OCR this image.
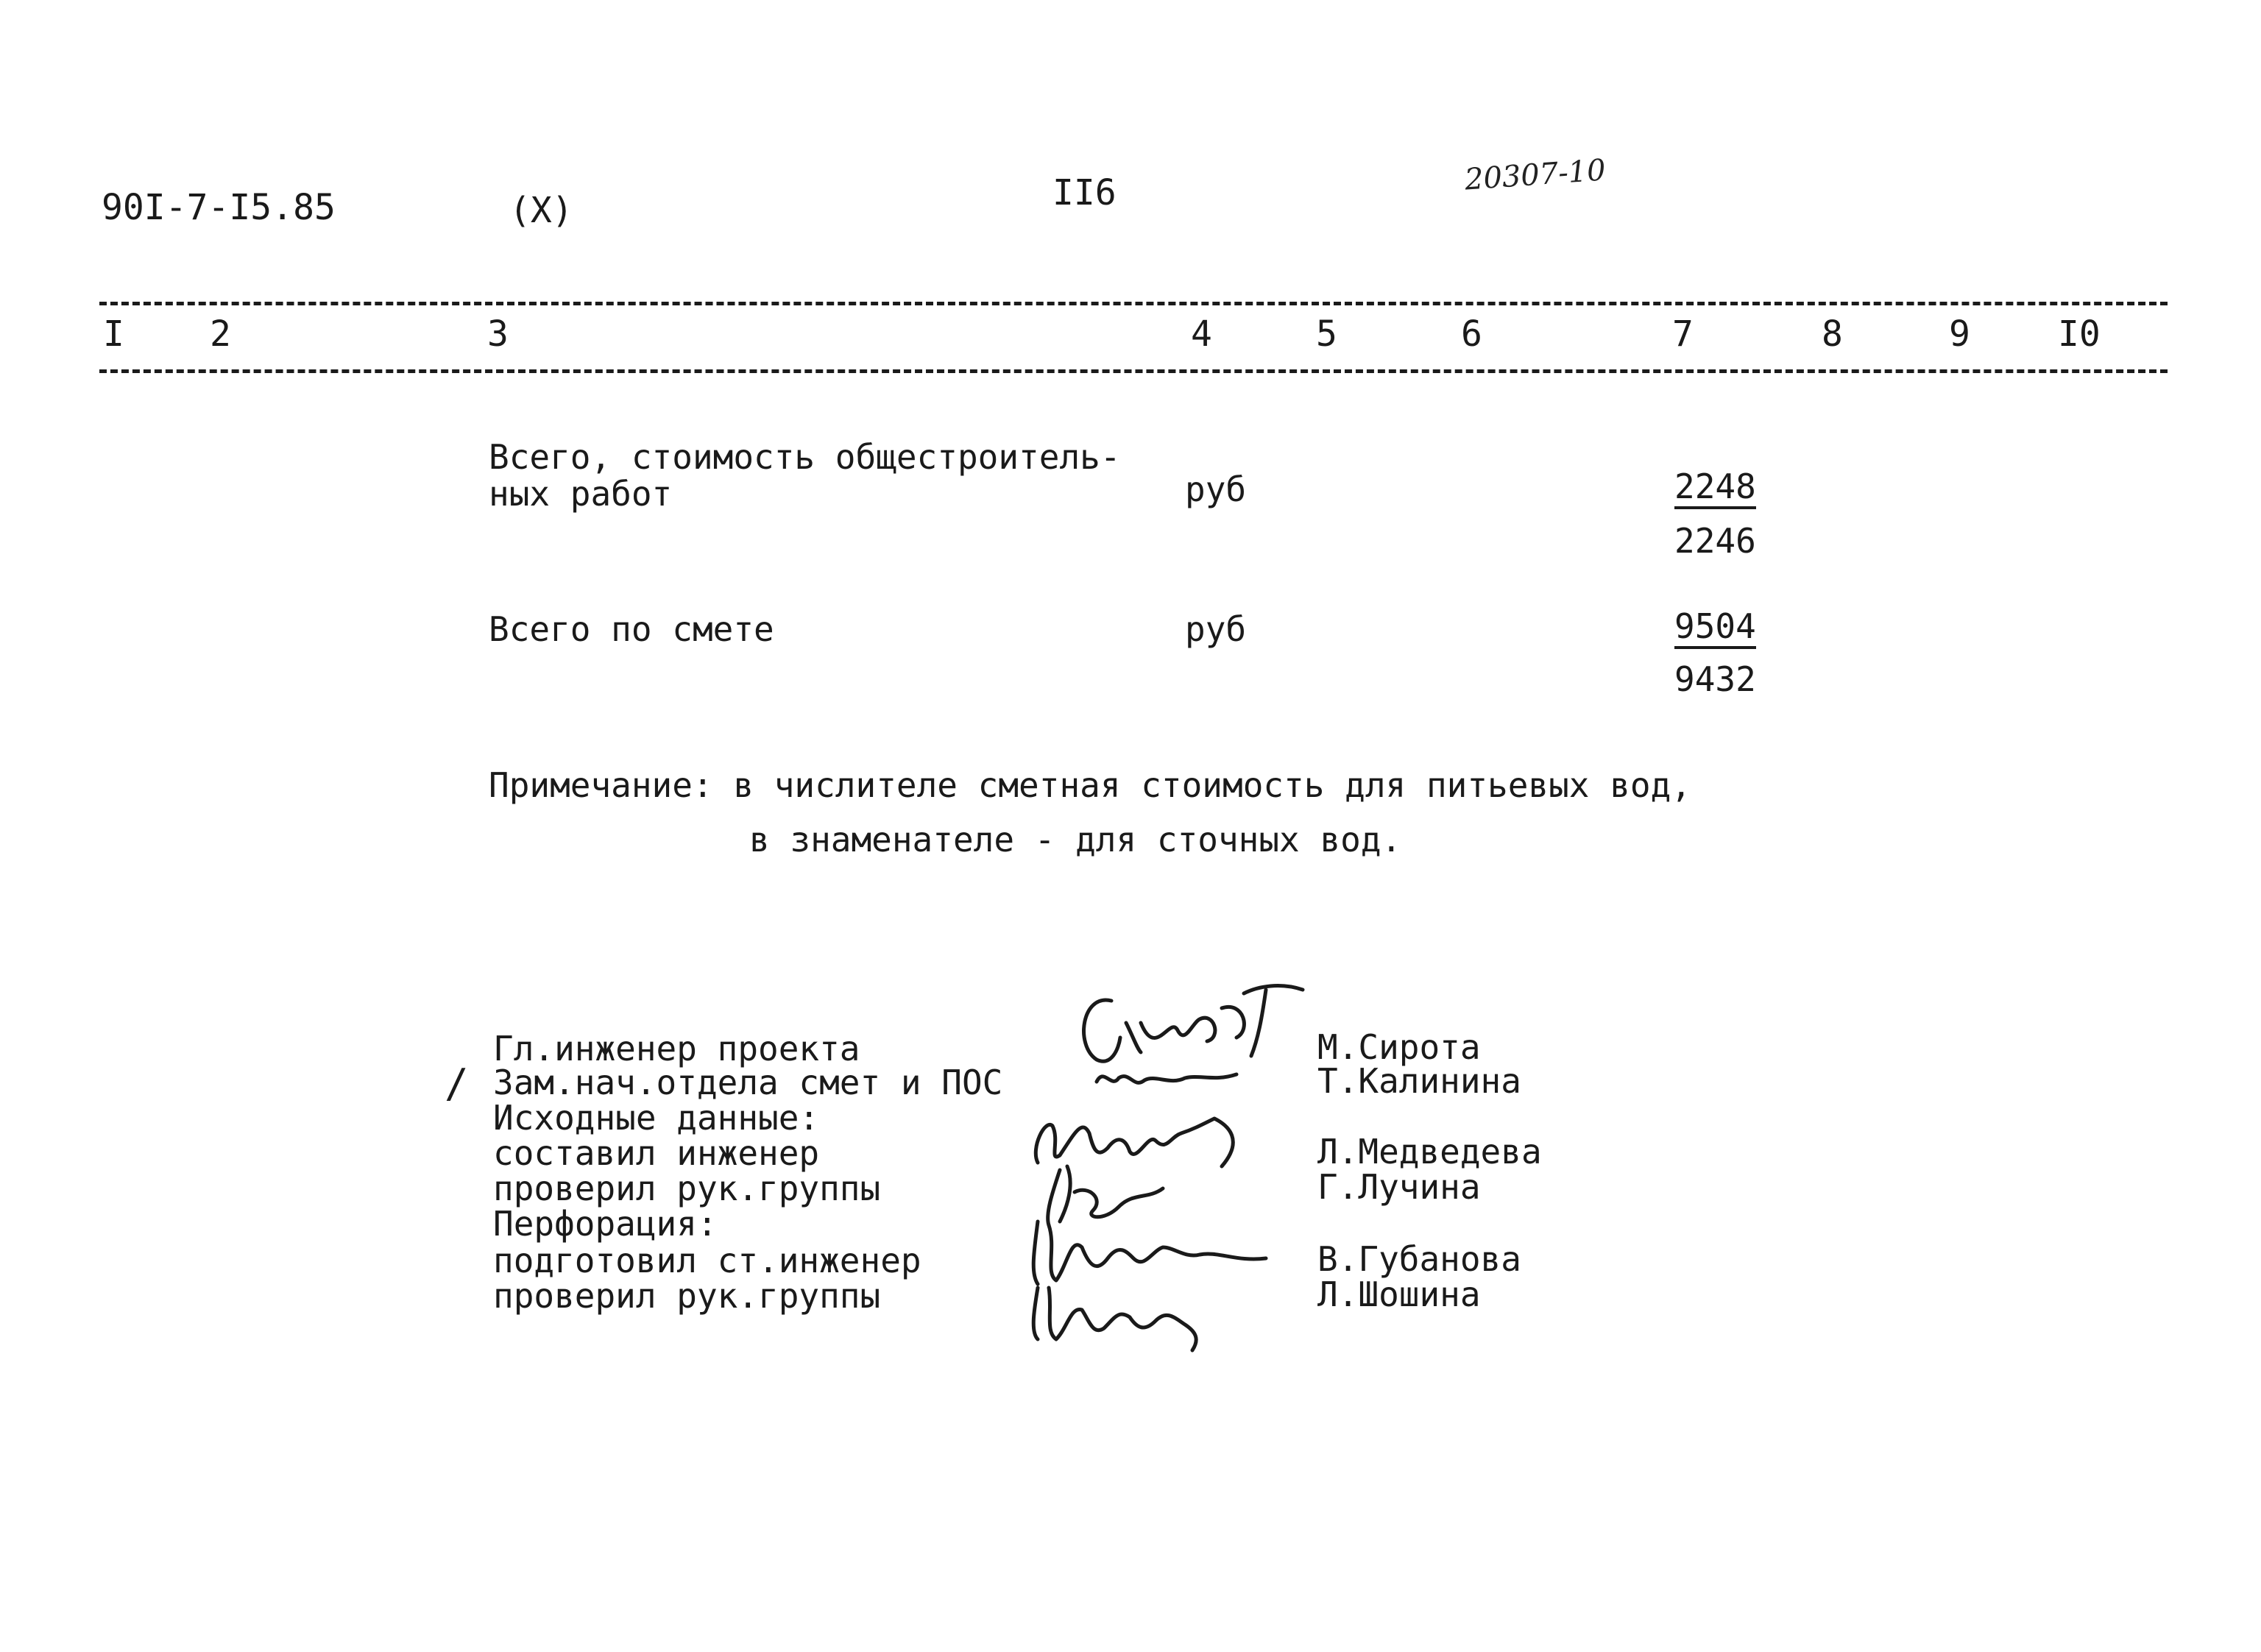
90I-7-I5.85	(X)	II6	20307-10
I 2	3	4	5	6	7	8	9 I0
Всего, стоимость общестроитель-
ных работ	руб	2248
2246
Всего по смете	руб	9504
9432
Примечание: в числителе сметная стоимость для питьевых вод,
в знаменателе - для сточных вод.
/
Гл.инженер проекта
Зам.нач.отдела смет и ПОС
Исходные данные:
составил инженер
проверил рук.группы
Перфорация:
подготовил ст.инженер
проверил рук.группы
М.Сирота
Т.Калинина
Л.Медведева
Г.Лучина
В.Губанова
Л.Шошина
